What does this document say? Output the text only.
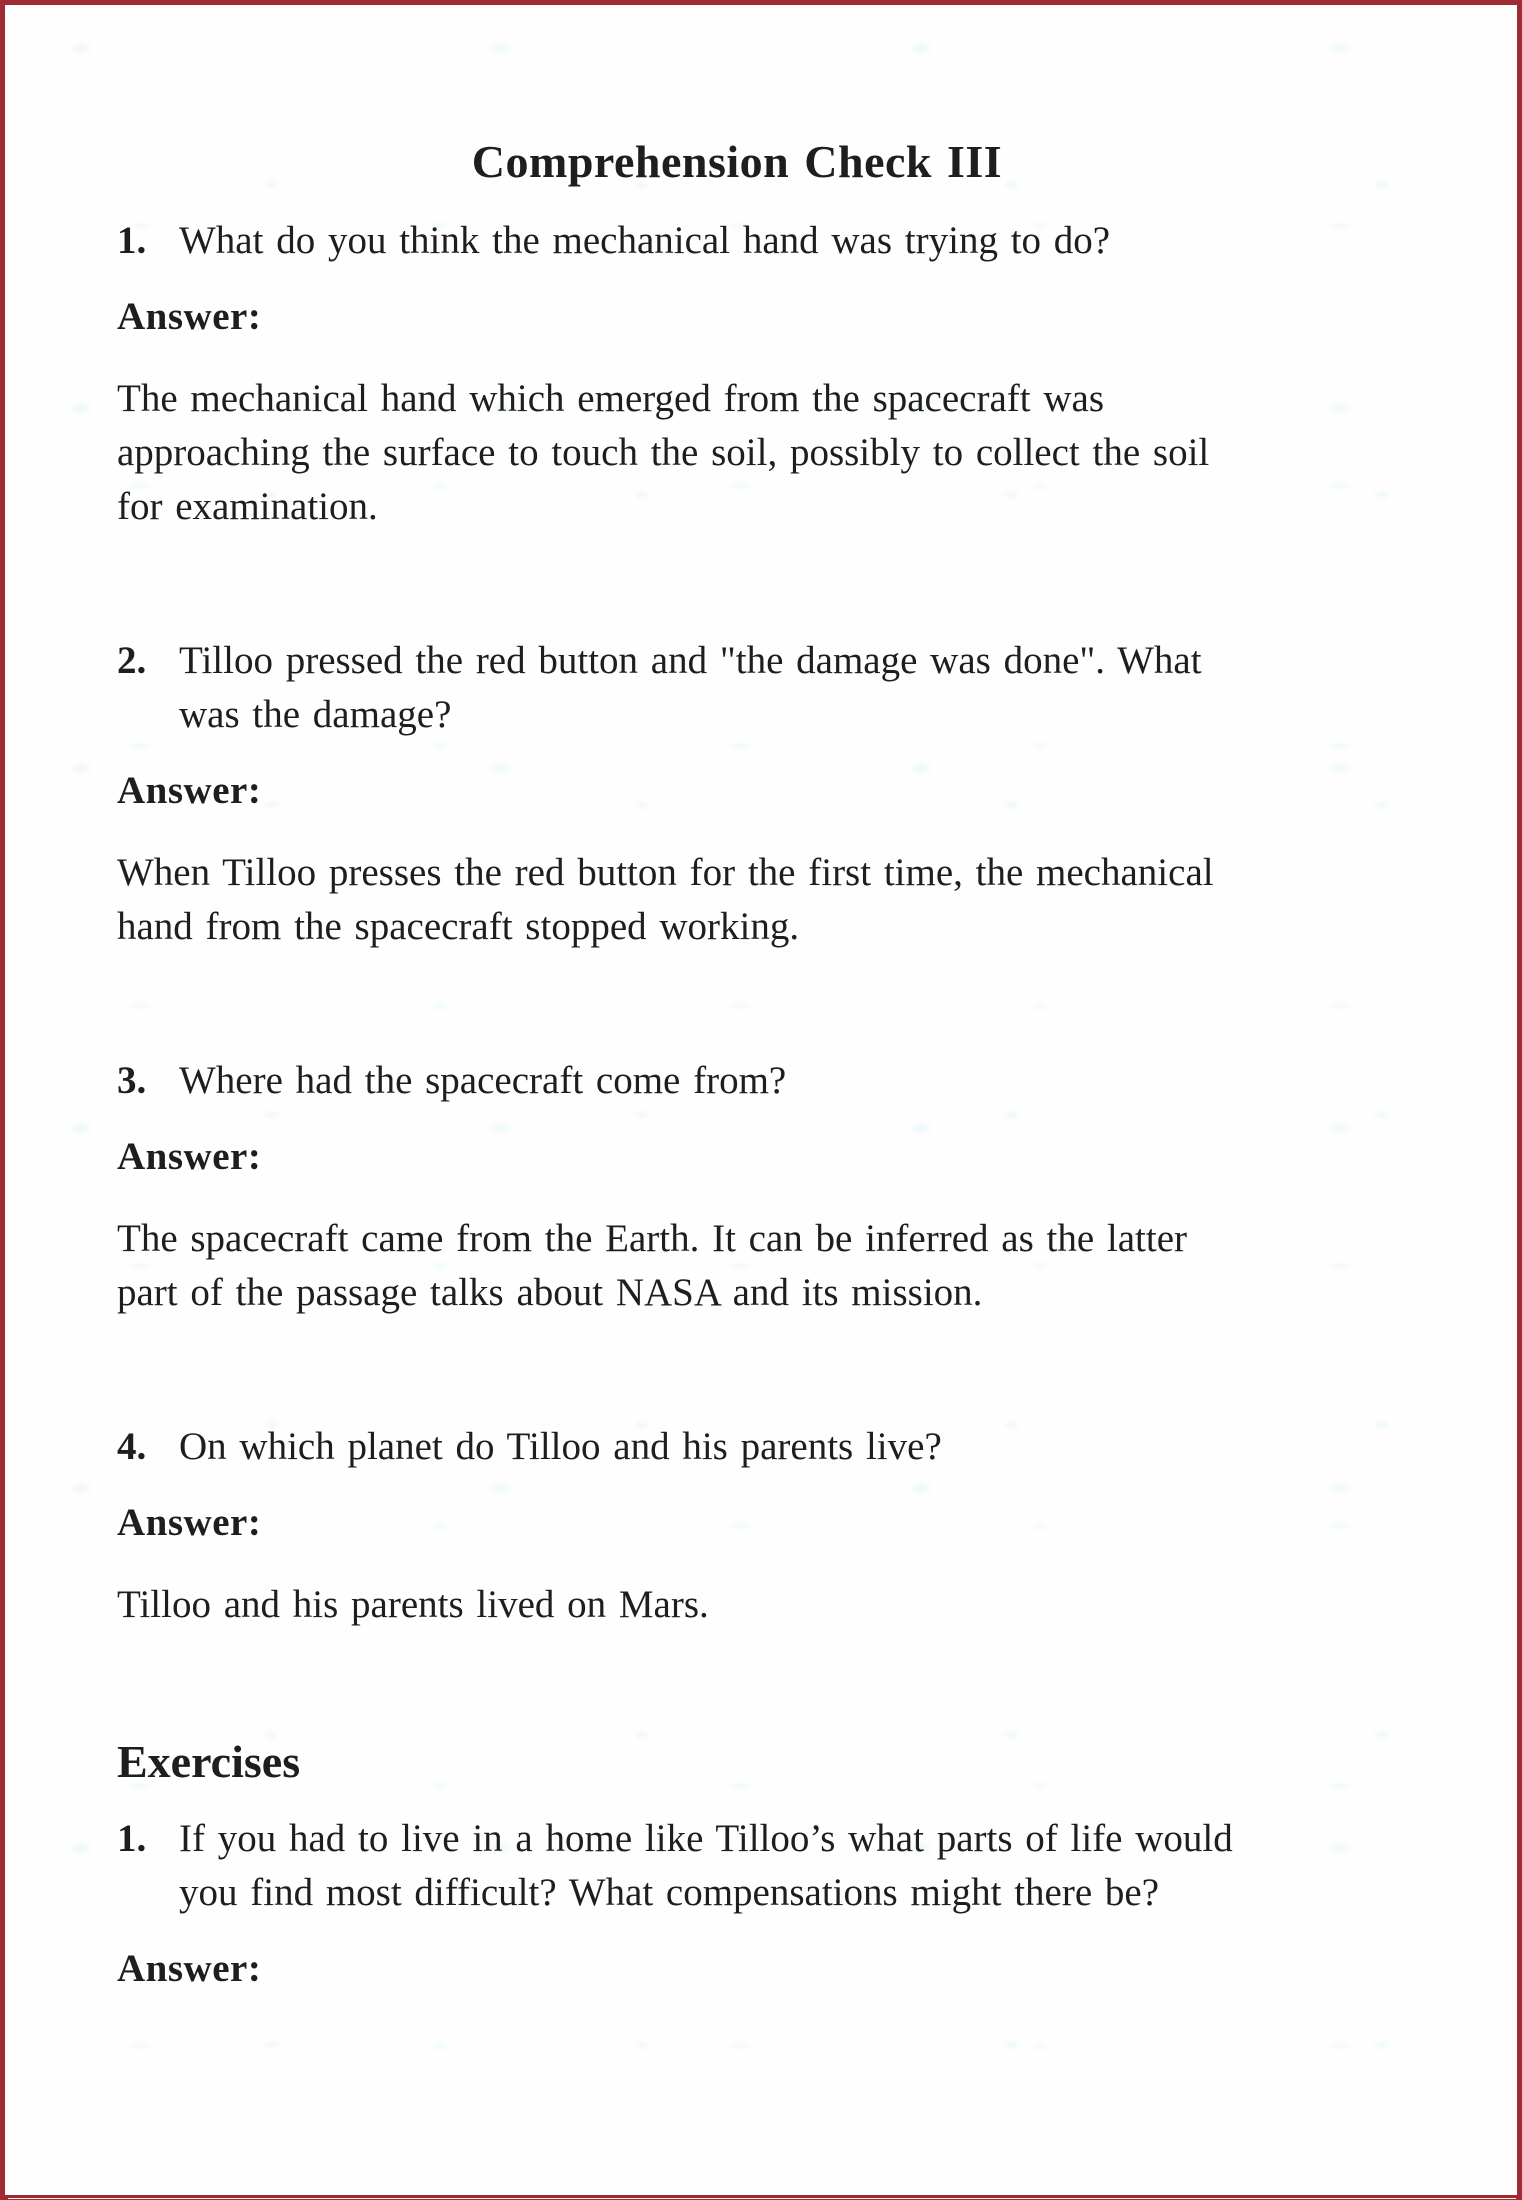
Comprehension Check III
1. What do you think the mechanical hand was trying to do?
Answer:
The mechanical hand which emerged from the spacecraft was
approaching the surface to touch the soil, possibly to collect the soil
for examination.
2. Tilloo pressed the red button and "the damage was done". What
was the damage?
Answer:
When Tilloo presses the red button for the first time, the mechanical
hand from the spacecraft stopped working.
3. Where had the spacecraft come from?
Answer:
The spacecraft came from the Earth. It can be inferred as the latter
part of the passage talks about NASA and its mission.
4. On which planet do Tilloo and his parents live?
Answer:
Tilloo and his parents lived on Mars.
Exercises
1. If you had to live in a home like Tilloo’s what parts of life would
you find most difficult? What compensations might there be?
Answer:
